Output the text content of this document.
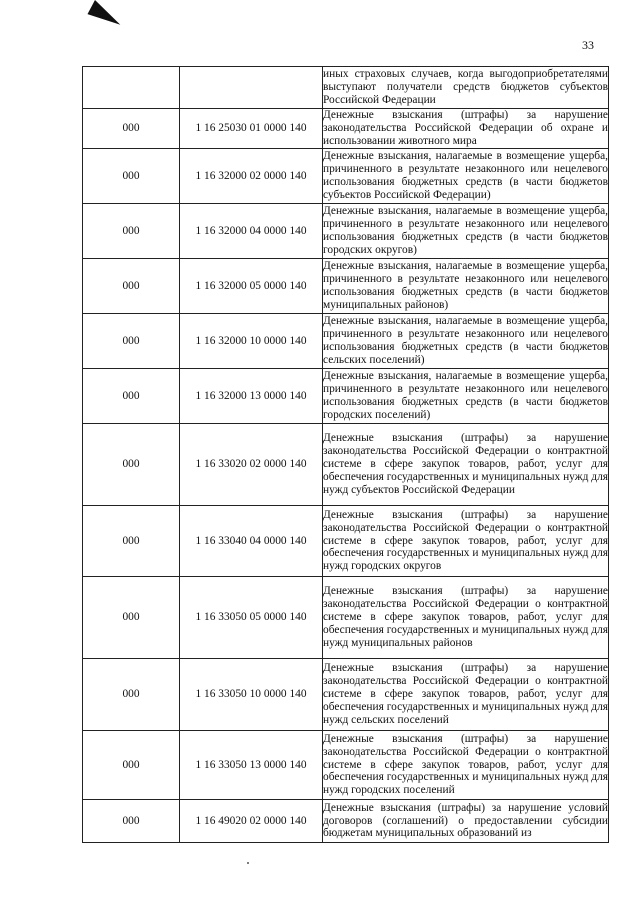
33
		иных страховых случаев, когда выгодоприобретателями выступают получатели средств бюджетов субъектов Российской Федерации
000	1 16 25030 01 0000 140	Денежные взыскания (штрафы) за нарушение законодательства Российской Федерации об охране и использовании животного мира
000	1 16 32000 02 0000 140	Денежные взыскания, налагаемые в возмещение ущерба, причиненного в результате незаконного или нецелевого использования бюджетных средств (в части бюджетов субъектов Российской Федерации)
000	1 16 32000 04 0000 140	Денежные взыскания, налагаемые в возмещение ущерба, причиненного в результате незаконного или нецелевого использования бюджетных средств (в части бюджетов городских округов)
000	1 16 32000 05 0000 140	Денежные взыскания, налагаемые в возмещение ущерба, причиненного в результате незаконного или нецелевого использования бюджетных средств (в части бюджетов муниципальных районов)
000	1 16 32000 10 0000 140	Денежные взыскания, налагаемые в возмещение ущерба, причиненного в результате незаконного или нецелевого использования бюджетных средств (в части бюджетов сельских поселений)
000	1 16 32000 13 0000 140	Денежные взыскания, налагаемые в возмещение ущерба, причиненного в результате незаконного или нецелевого использования бюджетных средств (в части бюджетов городских поселений)
000	1 16 33020 02 0000 140	Денежные взыскания (штрафы) за нарушение законодательства Российской Федерации о контрактной системе в сфере закупок товаров, работ, услуг для обеспечения государственных и муниципальных нужд для нужд субъектов Российской Федерации
000	1 16 33040 04 0000 140	Денежные взыскания (штрафы) за нарушение законодательства Российской Федерации о контрактной системе в сфере закупок товаров, работ, услуг для обеспечения государственных и муниципальных нужд для нужд городских округов
000	1 16 33050 05 0000 140	Денежные взыскания (штрафы) за нарушение законодательства Российской Федерации о контрактной системе в сфере закупок товаров, работ, услуг для обеспечения государственных и муниципальных нужд для нужд муниципальных районов
000	1 16 33050 10 0000 140	Денежные взыскания (штрафы) за нарушение законодательства Российской Федерации о контрактной системе в сфере закупок товаров, работ, услуг для обеспечения государственных и муниципальных нужд для нужд сельских поселений
000	1 16 33050 13 0000 140	Денежные взыскания (штрафы) за нарушение законодательства Российской Федерации о контрактной системе в сфере закупок товаров, работ, услуг для обеспечения государственных и муниципальных нужд для нужд городских поселений
000	1 16 49020 02 0000 140	Денежные взыскания (штрафы) за нарушение условий договоров (соглашений) о предоставлении субсидии бюджетам муниципальных образований из
